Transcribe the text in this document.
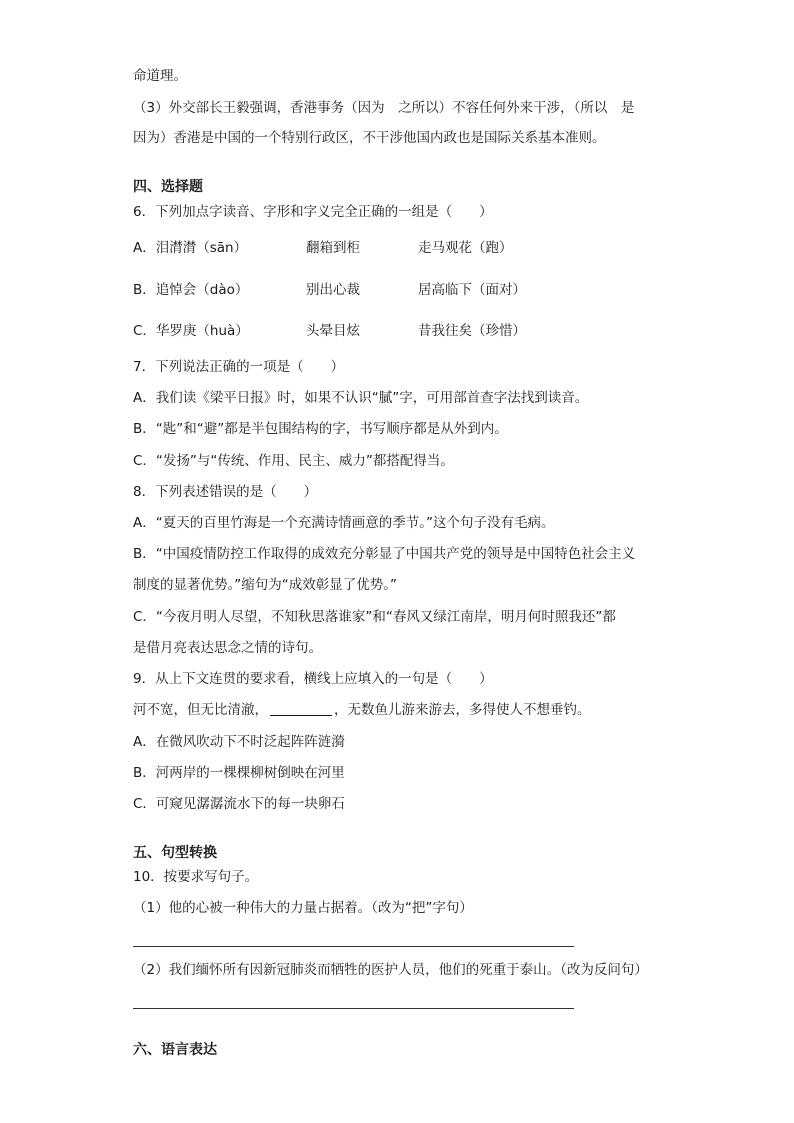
命道理。
（3）外交部长王毅强调，香港事务（因为　之所以）不容任何外来干涉，（所以　是
因为）香港是中国的一个特别行政区，不干涉他国内政也是国际关系基本准则。
四、选择题
6．下列加点字读音、字形和字义完全正确的一组是（　　）
A．泪潸潸（sān）	翻箱到柜	走马观花（跑）
B．追悼会（dào）	别出心裁	居高临下（面对）
C．华罗庚（huà）	头晕目炫	昔我往矣（珍惜）
7．下列说法正确的一项是（　　）
A．我们读《梁平日报》时，如果不认识“膩”字，可用部首查字法找到读音。
B．“匙”和“避”都是半包围结构的字，书写顺序都是从外到内。
C．“发扬”与“传统、作用、民主、威力”都搭配得当。
8．下列表述错误的是（　　）
A．“夏天的百里竹海是一个充满诗情画意的季节。”这个句子没有毛病。
B．“中国疫情防控工作取得的成效充分彰显了中国共产党的领导是中国特色社会主义
制度的显著优势。”缩句为“成效彰显了优势。”
C．“今夜月明人尽望，不知秋思落谁家”和“春风又绿江南岸，明月何时照我还”都
是借月亮表达思念之情的诗句。
9．从上下文连贯的要求看，横线上应填入的一句是（　　）
河不宽，但无比清澈，	，无数鱼儿游来游去，多得使人不想垂钓。
A．在微风吹动下不时泛起阵阵涟漪
B．河两岸的一棵棵柳树倒映在河里
C．可窥见潺潺流水下的每一块卵石
五、句型转换
10．按要求写句子。
（1）他的心被一种伟大的力量占据着。（改为“把”字句）
（2）我们缅怀所有因新冠肺炎而牺牲的医护人员，他们的死重于泰山。（改为反问句）
六、语言表达
